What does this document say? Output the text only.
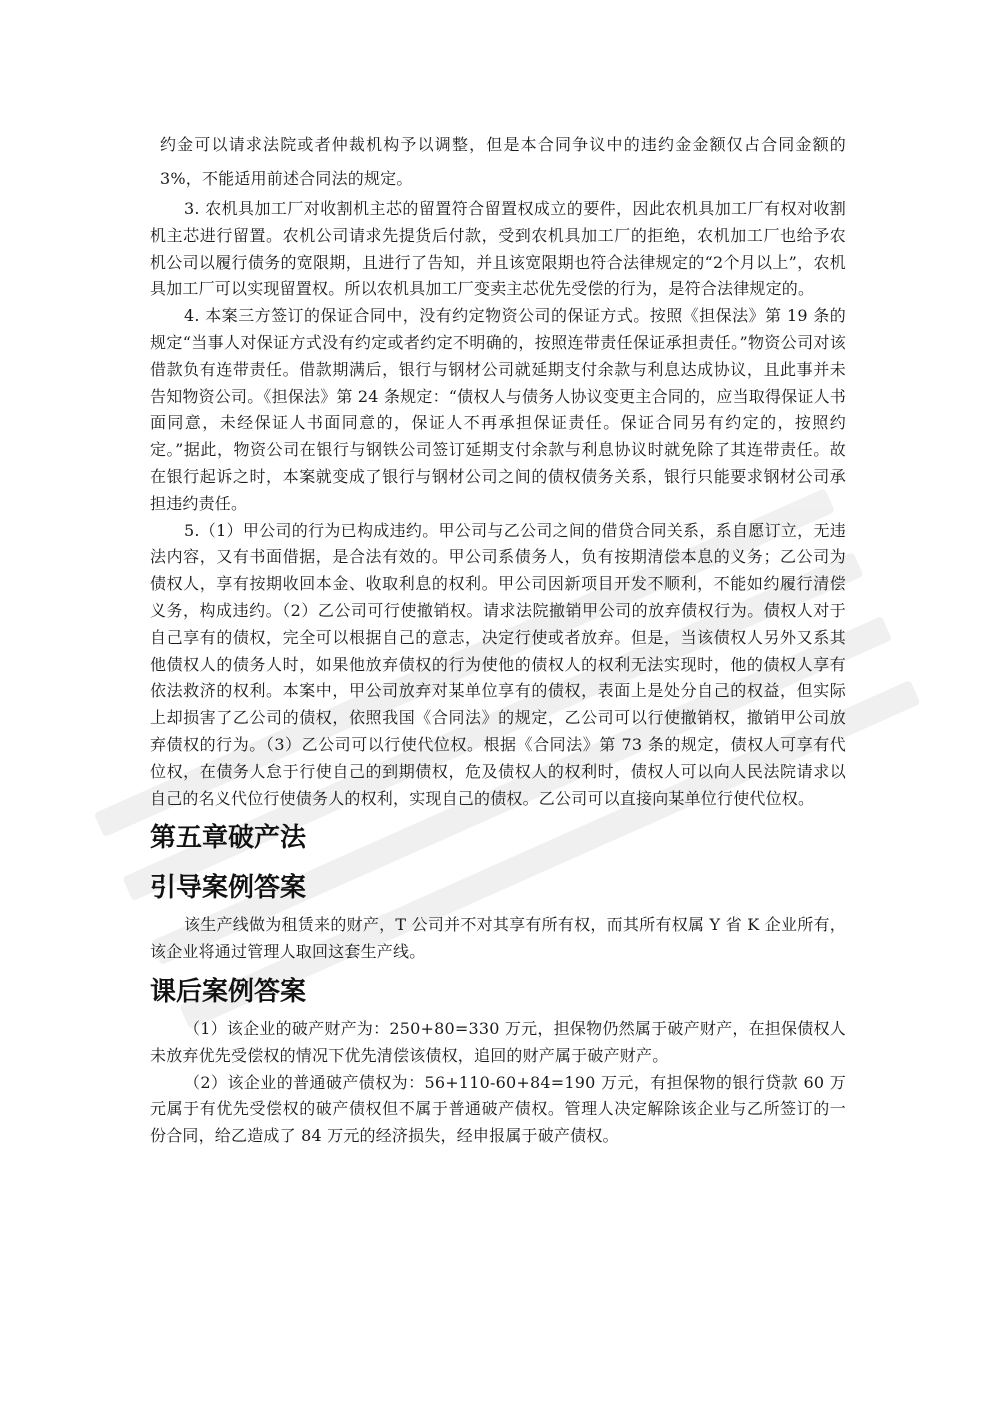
约金可以请求法院或者仲裁机构予以调整，但是本合同争议中的违约金金额仅占合同金额的 3%，不能适用前述合同法的规定。

3. 农机具加工厂对收割机主芯的留置符合留置权成立的要件，因此农机具加工厂有权对收割机主芯进行留置。农机公司请求先提货后付款，受到农机具加工厂的拒绝，农机加工厂也给予农机公司以履行债务的宽限期，且进行了告知，并且该宽限期也符合法律规定的“2个月以上”，农机具加工厂可以实现留置权。所以农机具加工厂变卖主芯优先受偿的行为，是符合法律规定的。

4. 本案三方签订的保证合同中，没有约定物资公司的保证方式。按照《担保法》第 19 条的规定“当事人对保证方式没有约定或者约定不明确的，按照连带责任保证承担责任。”物资公司对该借款负有连带责任。借款期满后，银行与钢材公司就延期支付余款与利息达成协议，且此事并未告知物资公司。《担保法》第 24 条规定：“债权人与债务人协议变更主合同的，应当取得保证人书面同意，未经保证人书面同意的，保证人不再承担保证责任。保证合同另有约定的，按照约定。”据此，物资公司在银行与钢铁公司签订延期支付余款与利息协议时就免除了其连带责任。故在银行起诉之时，本案就变成了银行与钢材公司之间的债权债务关系，银行只能要求钢材公司承担违约责任。

5.（1）甲公司的行为已构成违约。甲公司与乙公司之间的借贷合同关系，系自愿订立，无违法内容，又有书面借据，是合法有效的。甲公司系债务人，负有按期清偿本息的义务；乙公司为债权人，享有按期收回本金、收取利息的权利。甲公司因新项目开发不顺利，不能如约履行清偿义务，构成违约。（2）乙公司可行使撤销权。请求法院撤销甲公司的放弃债权行为。债权人对于自己享有的债权，完全可以根据自己的意志，决定行使或者放弃。但是，当该债权人另外又系其他债权人的债务人时，如果他放弃债权的行为使他的债权人的权利无法实现时，他的债权人享有依法救济的权利。本案中，甲公司放弃对某单位享有的债权，表面上是处分自己的权益，但实际上却损害了乙公司的债权，依照我国《合同法》的规定，乙公司可以行使撤销权，撤销甲公司放弃债权的行为。（3）乙公司可以行使代位权。根据《合同法》第 73 条的规定，债权人可享有代位权，在债务人怠于行使自己的到期债权，危及债权人的权利时，债权人可以向人民法院请求以自己的名义代位行使债务人的权利，实现自己的债权。乙公司可以直接向某单位行使代位权。

第五章破产法
引导案例答案

该生产线做为租赁来的财产，T 公司并不对其享有所有权，而其所有权属 Y 省 K 企业所有，该企业将通过管理人取回这套生产线。

课后案例答案

（1）该企业的破产财产为：250+80=330 万元，担保物仍然属于破产财产，在担保债权人未放弃优先受偿权的情况下优先清偿该债权，追回的财产属于破产财产。

（2）该企业的普通破产债权为：56+110-60+84=190 万元，有担保物的银行贷款 60 万元属于有优先受偿权的破产债权但不属于普通破产债权。管理人决定解除该企业与乙所签订的一份合同，给乙造成了 84 万元的经济损失，经申报属于破产债权。
